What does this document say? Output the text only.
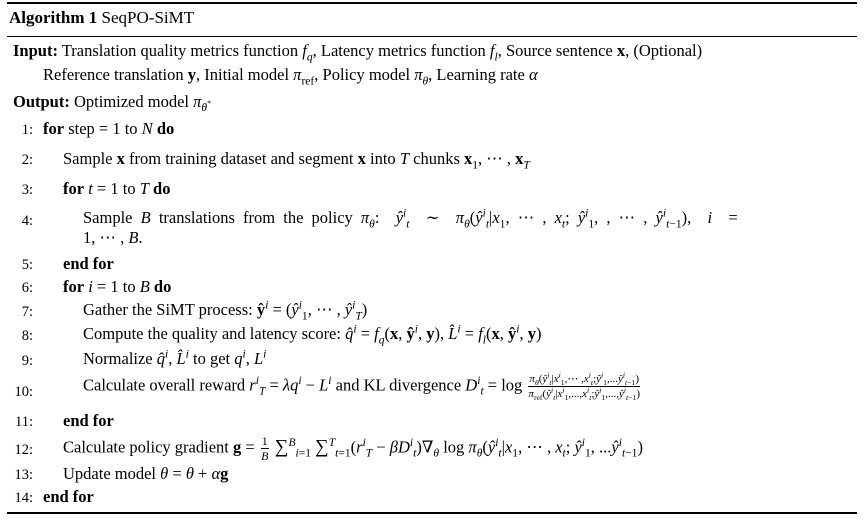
Algorithm 1 SeqPO-SiMT
Input: Translation quality metrics function $f_q$, Latency metrics function $f_l$, Source sentence x, (Optional)
Reference translation y, Initial model $\pi_{ref}$, Policy model $\pi_\theta$, Learning rate α
Output: Optimized model $\pi_{\theta^*}$
1: for step = 1 to N do
2: Sample x from training dataset and segment x into T chunks $x_1$, ⋯ , $x_T$
3: for t = 1 to T do
4:	Sample B translations from the policy $\pi_\theta$:  $ŷ^i_t$  ∼  $\pi_\theta(ŷ^i_t|x_1$, ⋯ , $x_t$; $ŷ^i_1$, , ⋯ , $ŷ^i_{t-1}$),  i  =
1, ⋯ , B.
5: end for
6: for i = 1 to B do
7:	Gather the SiMT process: $ŷ^i$ = ($ŷ^i_1$, ⋯ , $ŷ^i_T$)
8:	Compute the quality and latency score: q̂$^i$ = $f_q(x$, $ŷ^i$, y), L̂$^i$ = $f_l(x$, $ŷ^i$, y)
9:	Normalize q̂$^i$, L̂$^i$ to get $q^i$, $L^i$
10:	Calculate overall reward $r^i_T = \lambda q^i - L^i$ and KL divergence $D^i_t = \log \frac{\pi_\theta(ŷ^i_t|x^i_1,\cdots ,x^i_t;ŷ^i_1,...ŷ^i_{t-1})}{\pi_{ref}(ŷ^i_t|x^i_1,...,x^i_t;ŷ^i_1,...,ŷ^i_{t-1})}$
11: end for
12: Calculate policy gradient $g = \frac{1}{B} \sum^B_{i=1}$ $\sum^T_{t=1}(r^i_T - \beta D^i_t)\nabla_\theta$ $\log \pi_\theta(ŷ^i_t|x_1$, ⋯ , $x_t$; $ŷ^i_1$, $...ŷ^i_{t-1}$)
13: Update model θ = θ + αg
14: end for
